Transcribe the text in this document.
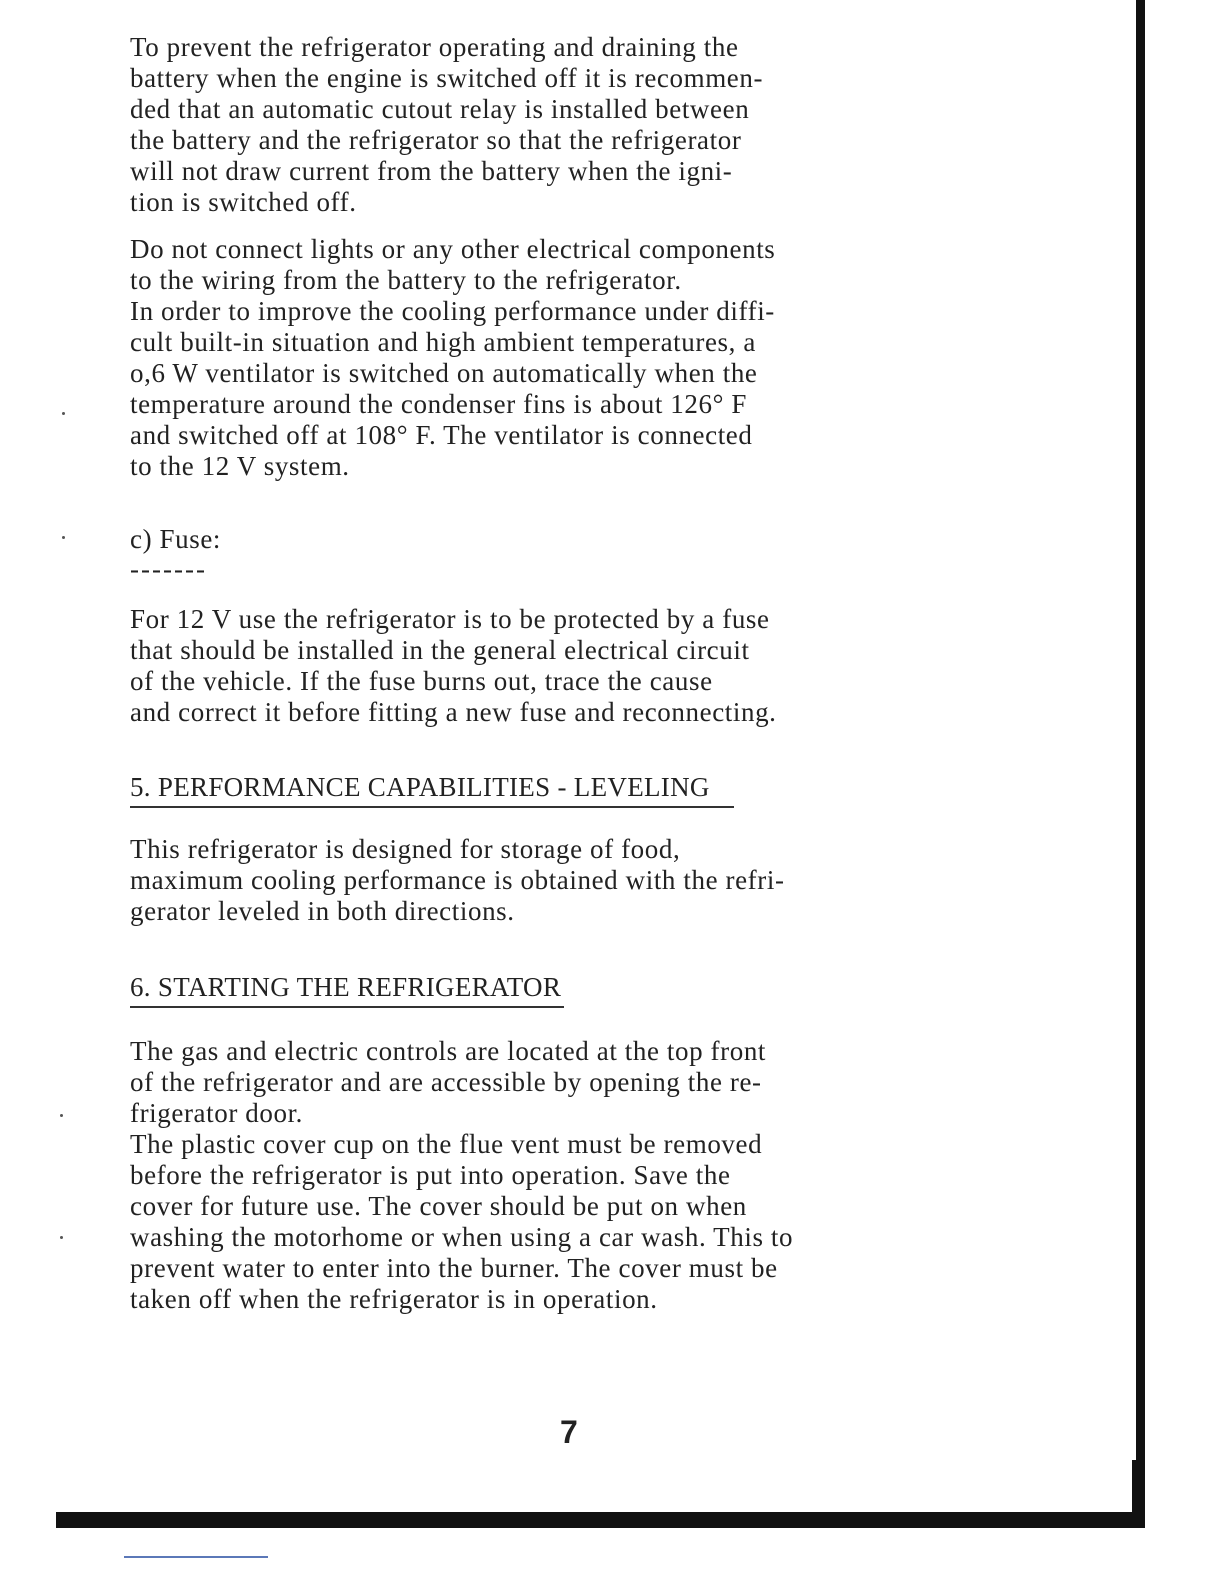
To prevent the refrigerator operating and draining the
battery when the engine is switched off it is recommen-
ded that an automatic cutout relay is installed between
the battery and the refrigerator so that the refrigerator
will not draw current from the battery when the igni-
tion is switched off.

Do not connect lights or any other electrical components
to the wiring from the battery to the refrigerator.
In order to improve the cooling performance under diffi-
cult built-in situation and high ambient temperatures, a
o,6 W ventilator is switched on automatically when the
temperature around the condenser fins is about 126° F
and switched off at 108° F. The ventilator is connected
to the 12 V system.

c) Fuse:
-------

For 12 V use the refrigerator is to be protected by a fuse
that should be installed in the general electrical circuit
of the vehicle. If the fuse burns out, trace the cause
and correct it before fitting a new fuse and reconnecting.

5. PERFORMANCE CAPABILITIES - LEVELING

This refrigerator is designed for storage of food,
maximum cooling performance is obtained with the refri-
gerator leveled in both directions.

6. STARTING THE REFRIGERATOR

The gas and electric controls are located at the top front
of the refrigerator and are accessible by opening the re-
frigerator door.
The plastic cover cup on the flue vent must be removed
before the refrigerator is put into operation. Save the
cover for future use. The cover should be put on when
washing the motorhome or when using a car wash. This to
prevent water to enter into the burner. The cover must be
taken off when the refrigerator is in operation.

7
